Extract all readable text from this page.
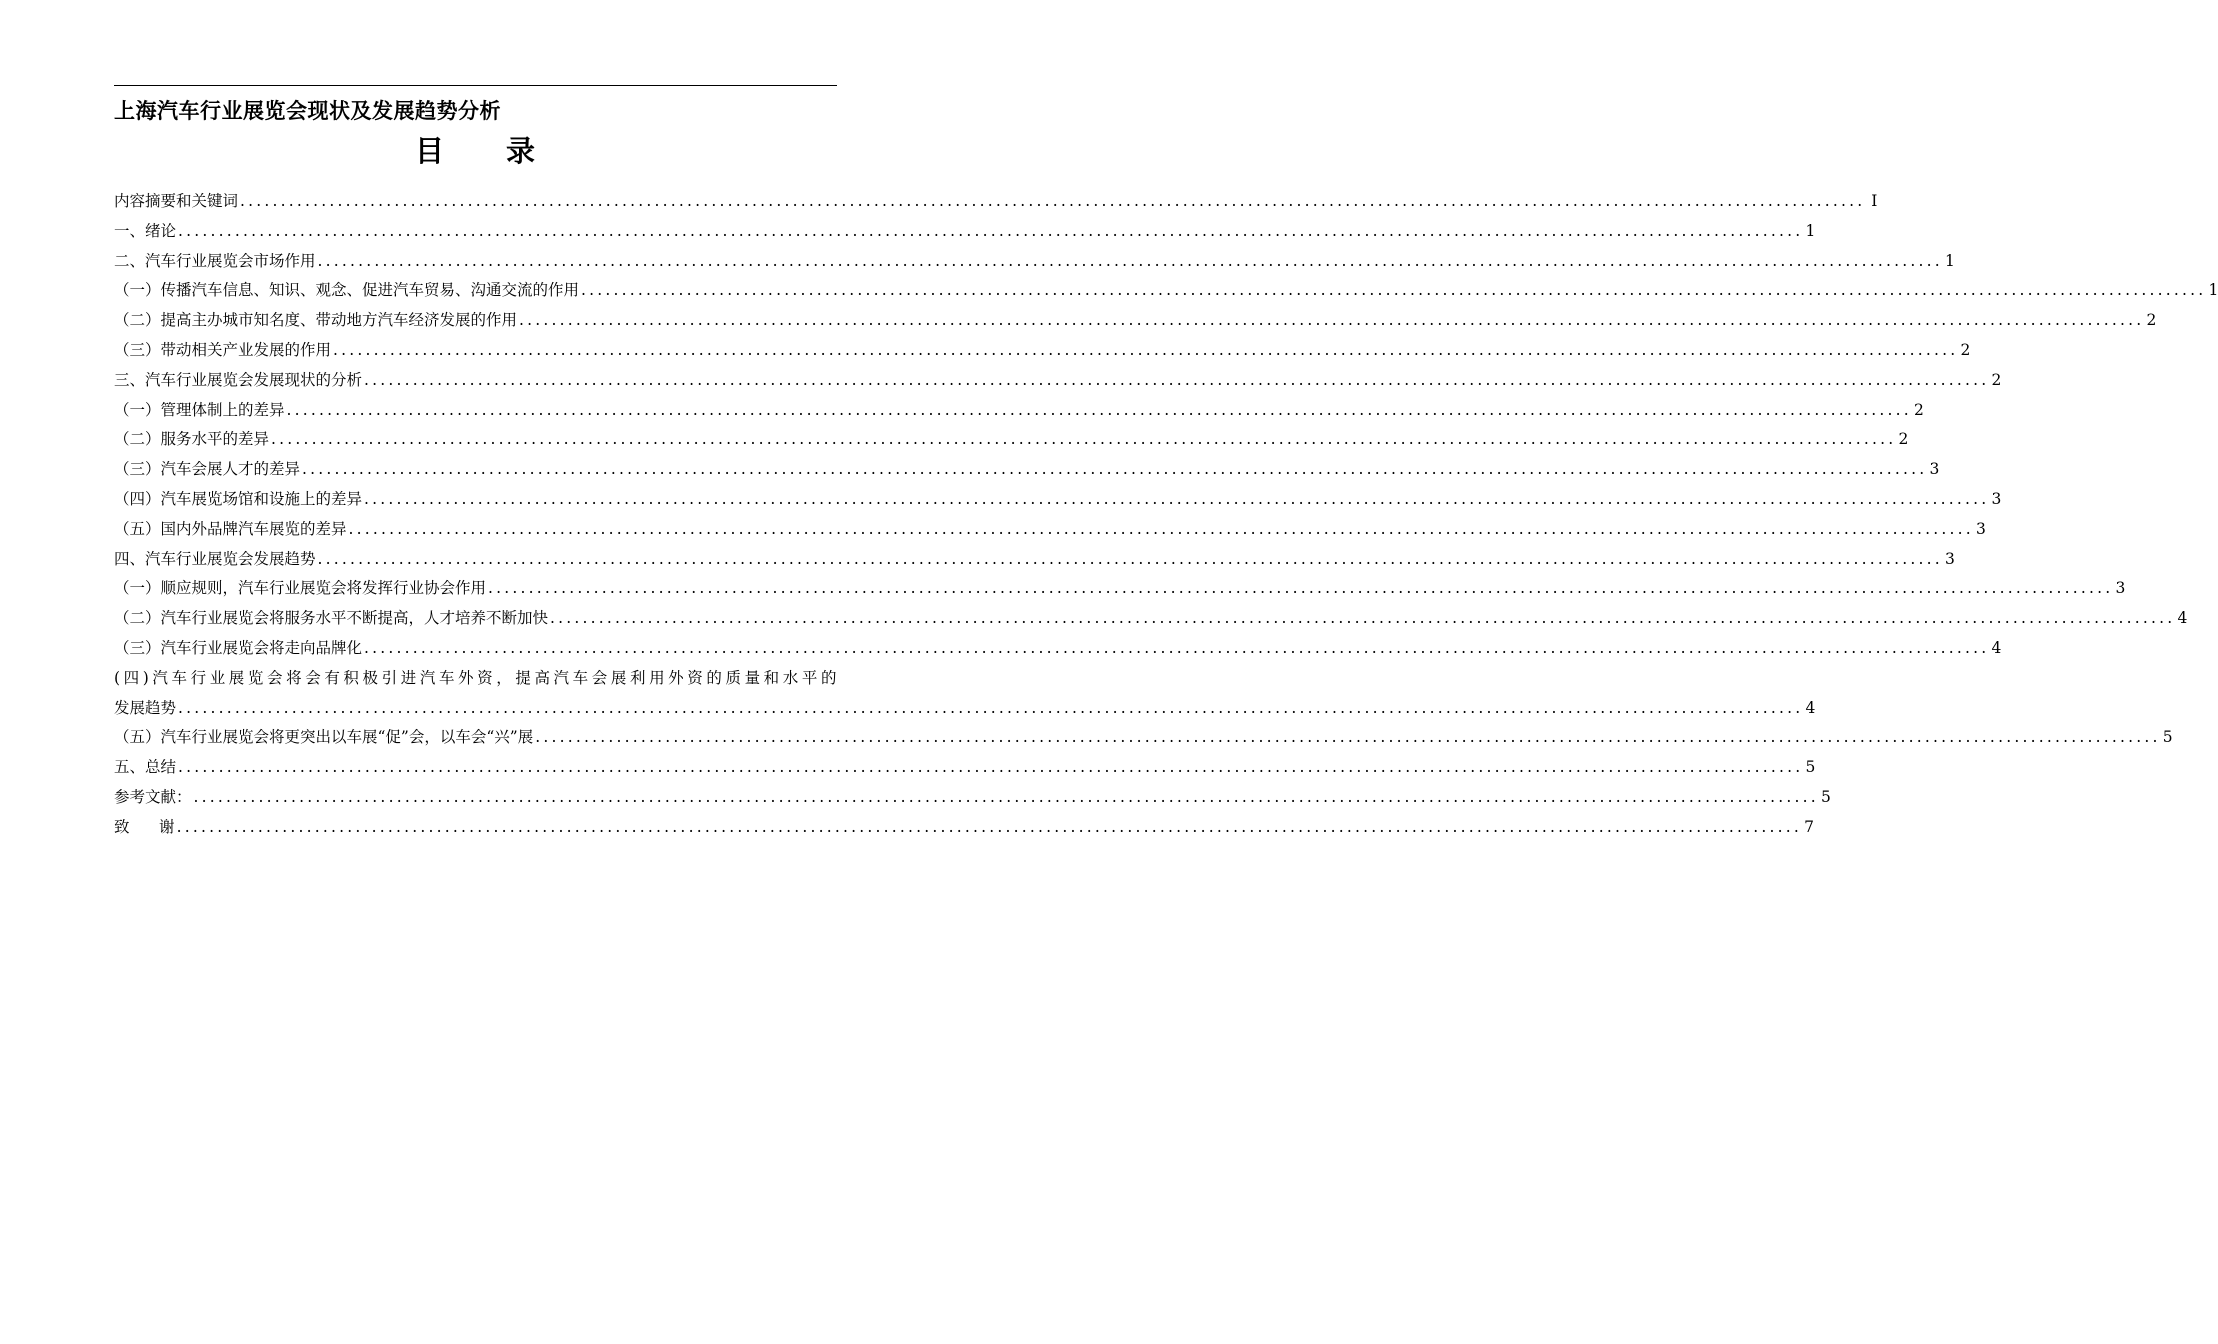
上海汽车行业展览会现状及发展趋势分析
目录
内容摘要和关键词 ........................................................................................................................................................................................................ I
一、绪论 ........................................................................................................................................................................................................ 1
二、汽车行业展览会市场作用 ........................................................................................................................................................................................................ 1
（一）传播汽车信息、知识、观念、促进汽车贸易、沟通交流的作用 ........................................................................................................................................................................................................ 1
（二）提高主办城市知名度、带动地方汽车经济发展的作用 ........................................................................................................................................................................................................ 2
（三）带动相关产业发展的作用 ........................................................................................................................................................................................................ 2
三、汽车行业展览会发展现状的分析 ........................................................................................................................................................................................................ 2
（一）管理体制上的差异 ........................................................................................................................................................................................................ 2
（二）服务水平的差异 ........................................................................................................................................................................................................ 2
（三）汽车会展人才的差异 ........................................................................................................................................................................................................ 3
（四）汽车展览场馆和设施上的差异 ........................................................................................................................................................................................................ 3
（五）国内外品牌汽车展览的差异 ........................................................................................................................................................................................................ 3
四、汽车行业展览会发展趋势 ........................................................................................................................................................................................................ 3
（一）顺应规则，汽车行业展览会将发挥行业协会作用 ........................................................................................................................................................................................................ 3
（二）汽车行业展览会将服务水平不断提高，人才培养不断加快 ........................................................................................................................................................................................................ 4
（三）汽车行业展览会将走向品牌化 ........................................................................................................................................................................................................ 4
(四)汽车行业展览会将会有积极引进汽车外资，提高汽车会展利用外资的质量和水平的
发展趋势 ........................................................................................................................................................................................................ 4
（五）汽车行业展览会将更突出以车展“促”会，以车会“兴”展 ........................................................................................................................................................................................................ 5
五、总结 ........................................................................................................................................................................................................ 5
参考文献： ........................................................................................................................................................................................................ 5
致      谢 ........................................................................................................................................................................................................ 7
